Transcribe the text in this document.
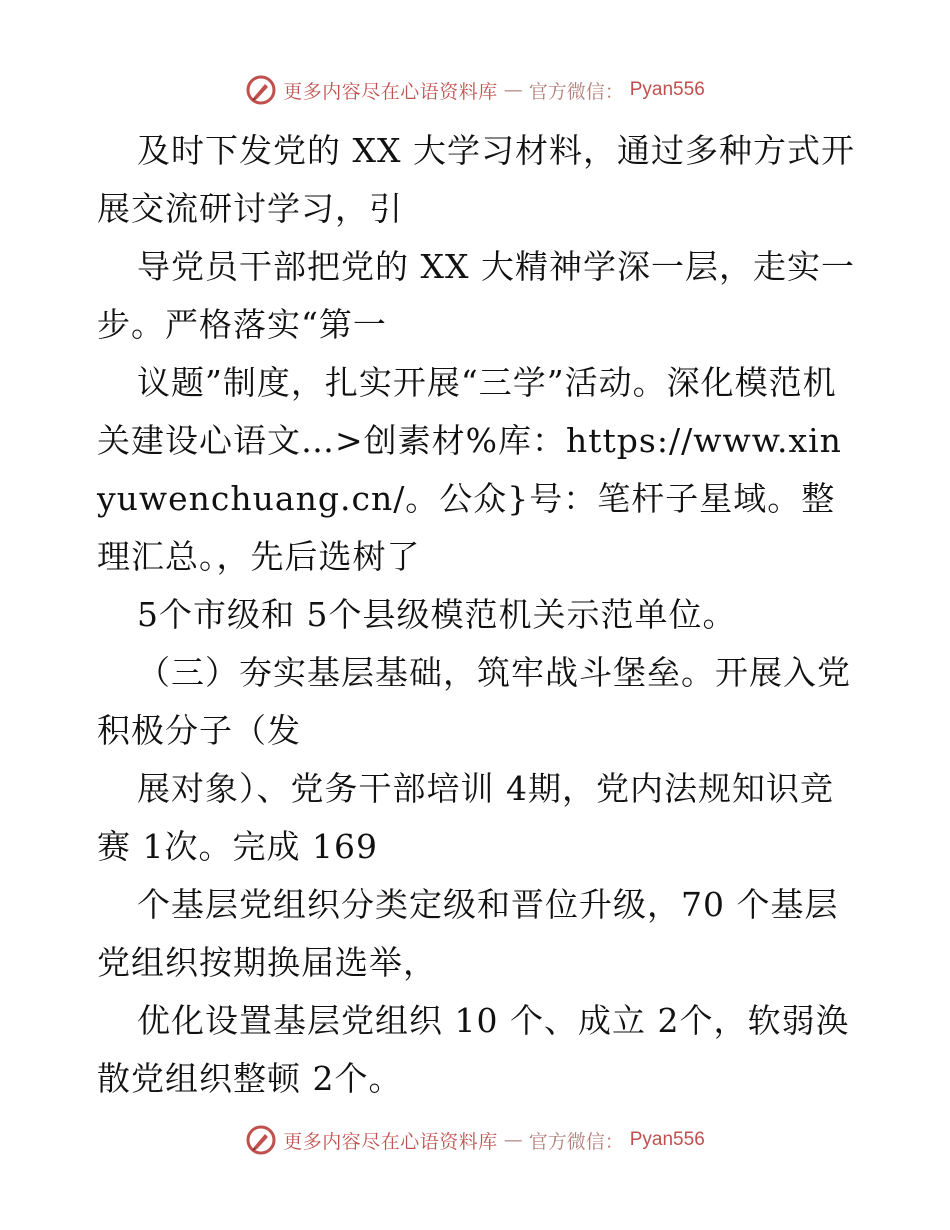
更多内容尽在心语资料库 — 官方微信： Pyan556

及时下发党的 XX 大学习材料，通过多种方式开展交流研讨学习，引

导党员干部把党的 XX 大精神学深一层，走实一步。严格落实“第一

议题”制度，扎实开展“三学”活动。深化模范机关建设心语文…>创素材%库：https://www.xinyuwenchuang.cn/。公众}号：笔杆子星域。整理汇总。，先后选树了

5个市级和 5个县级模范机关示范单位。

（三）夯实基层基础，筑牢战斗堡垒。开展入党积极分子（发

展对象）、党务干部培训 4期，党内法规知识竞赛 1次。完成 169

个基层党组织分类定级和晋位升级，70 个基层党组织按期换届选举，

优化设置基层党组织 10 个、成立 2个，软弱涣散党组织整顿 2个。

更多内容尽在心语资料库 — 官方微信： Pyan556
